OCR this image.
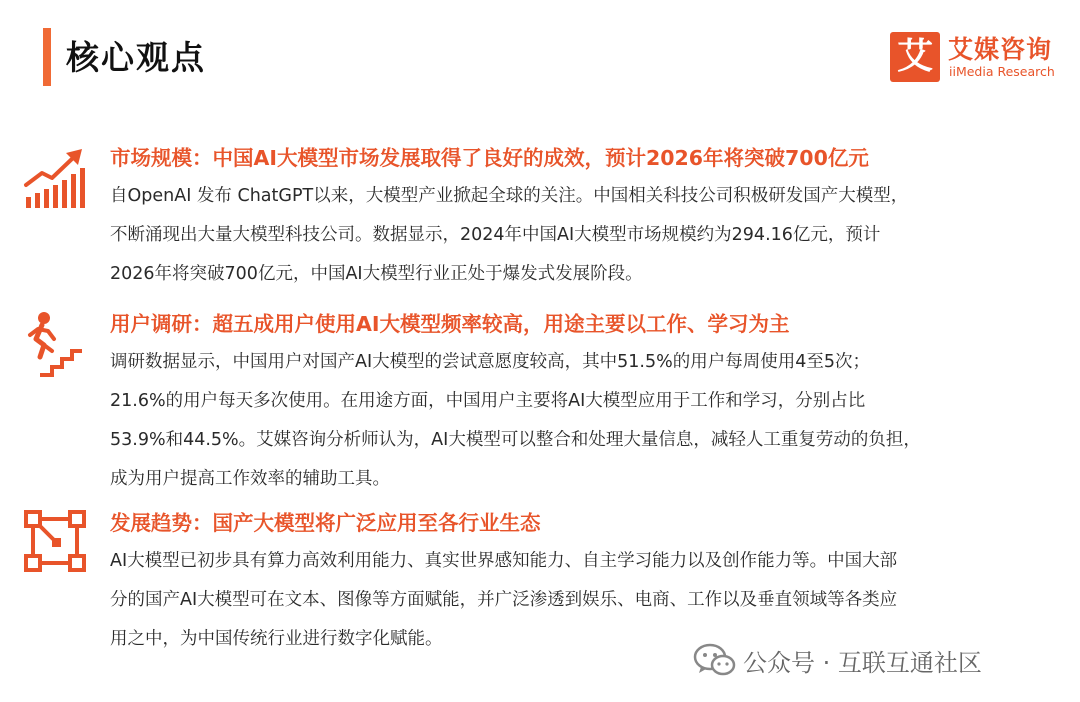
核心观点	艾 艾媒咨询
iiMedia Research
市场规模：中国AI大模型市场发展取得了良好的成效，预计2026年将突破700亿元
自OpenAI 发布 ChatGPT以来，大模型产业掀起全球的关注。中国相关科技公司积极研发国产大模型，
不断涌现出大量大模型科技公司。数据显示，2024年中国AI大模型市场规模约为294.16亿元，预计
2026年将突破700亿元，中国AI大模型行业正处于爆发式发展阶段。
用户调研：超五成用户使用AI大模型频率较高，用途主要以工作、学习为主
调研数据显示，中国用户对国产AI大模型的尝试意愿度较高，其中51.5%的用户每周使用4至5次；
21.6%的用户每天多次使用。在用途方面，中国用户主要将AI大模型应用于工作和学习，分别占比
53.9%和44.5%。艾媒咨询分析师认为，AI大模型可以整合和处理大量信息，减轻人工重复劳动的负担，
成为用户提高工作效率的辅助工具。
发展趋势：国产大模型将广泛应用至各行业生态
AI大模型已初步具有算力高效利用能力、真实世界感知能力、自主学习能力以及创作能力等。中国大部
分的国产AI大模型可在文本、图像等方面赋能，并广泛渗透到娱乐、电商、工作以及垂直领域等各类应
用之中，为中国传统行业进行数字化赋能。
公众号 · 互联互通社区
